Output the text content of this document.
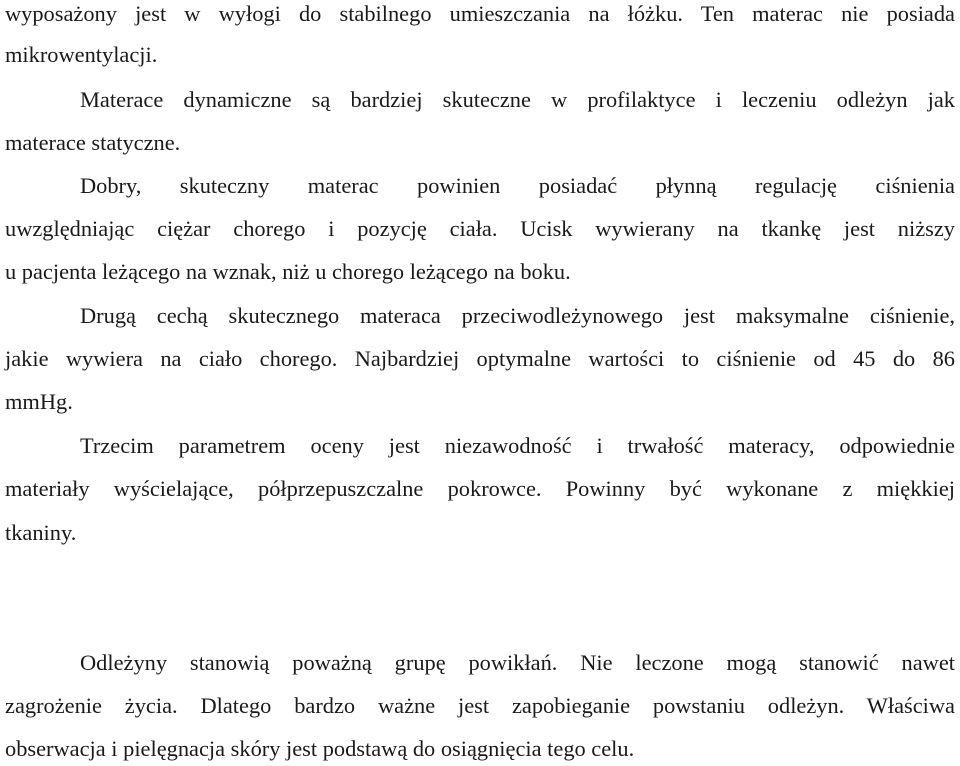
wyposażony jest w wyłogi do stabilnego umieszczania na łóżku. Ten materac nie posiada
mikrowentylacji.
Materace dynamiczne są bardziej skuteczne w profilaktyce i leczeniu odleżyn jak
materace statyczne.
Dobry, skuteczny materac powinien posiadać płynną regulację ciśnienia
uwzględniając ciężar chorego i pozycję ciała. Ucisk wywierany na tkankę jest niższy
u pacjenta leżącego na wznak, niż u chorego leżącego na boku.
Drugą cechą skutecznego materaca przeciwodleżynowego jest maksymalne ciśnienie,
jakie wywiera na ciało chorego. Najbardziej optymalne wartości to ciśnienie od 45 do 86
mmHg.
Trzecim parametrem oceny jest niezawodność i trwałość materacy, odpowiednie
materiały wyścielające, półprzepuszczalne pokrowce. Powinny być wykonane z miękkiej
tkaniny.
Odleżyny stanowią poważną grupę powikłań. Nie leczone mogą stanowić nawet
zagrożenie życia. Dlatego bardzo ważne jest zapobieganie powstaniu odleżyn. Właściwa
obserwacja i pielęgnacja skóry jest podstawą do osiągnięcia tego celu.
